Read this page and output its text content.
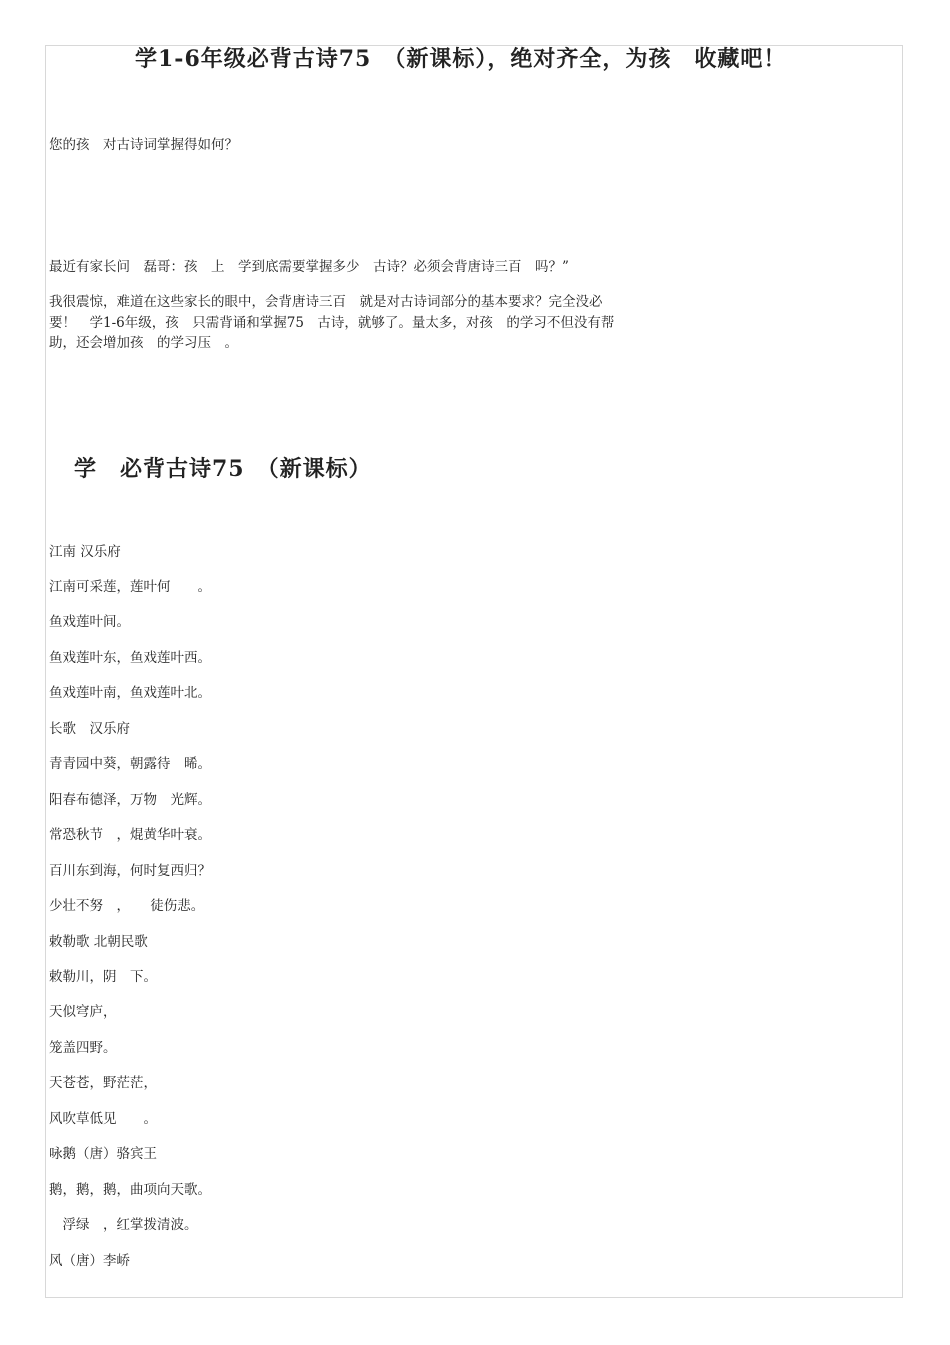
学1-6年级必背古诗75　（新课标），绝对齐全，为孩　收藏吧！

您的孩　对古诗词掌握得如何？

最近有家长问　磊哥：孩　上　学到底需要掌握多少　古诗？必须会背唐诗三百　吗？”

我很震惊，难道在这些家长的眼中，会背唐诗三百　就是对古诗词部分的基本要求？完全没必

要！　学1-6年级，孩　只需背诵和掌握75　古诗，就够了。量太多，对孩　的学习不但没有帮

助，还会增加孩　的学习压　。

学　必背古诗75　（新课标）

江南 汉乐府

江南可采莲，莲叶何　　。

鱼戏莲叶间。

鱼戏莲叶东，鱼戏莲叶西。

鱼戏莲叶南，鱼戏莲叶北。

长歌　汉乐府

青青园中葵，朝露待　晞。

阳春布德泽，万物　光辉。

常恐秋节　，焜黄华叶衰。

百川东到海，何时复西归？

少壮不努　，　　徒伤悲。

敕勒歌 北朝民歌

敕勒川，阴　下。

天似穹庐，

笼盖四野。

天苍苍，野茫茫，

风吹草低见　　。

咏鹅（唐）骆宾王

鹅，鹅，鹅，曲项向天歌。

　浮绿　，红掌拨清波。

风（唐）李峤
